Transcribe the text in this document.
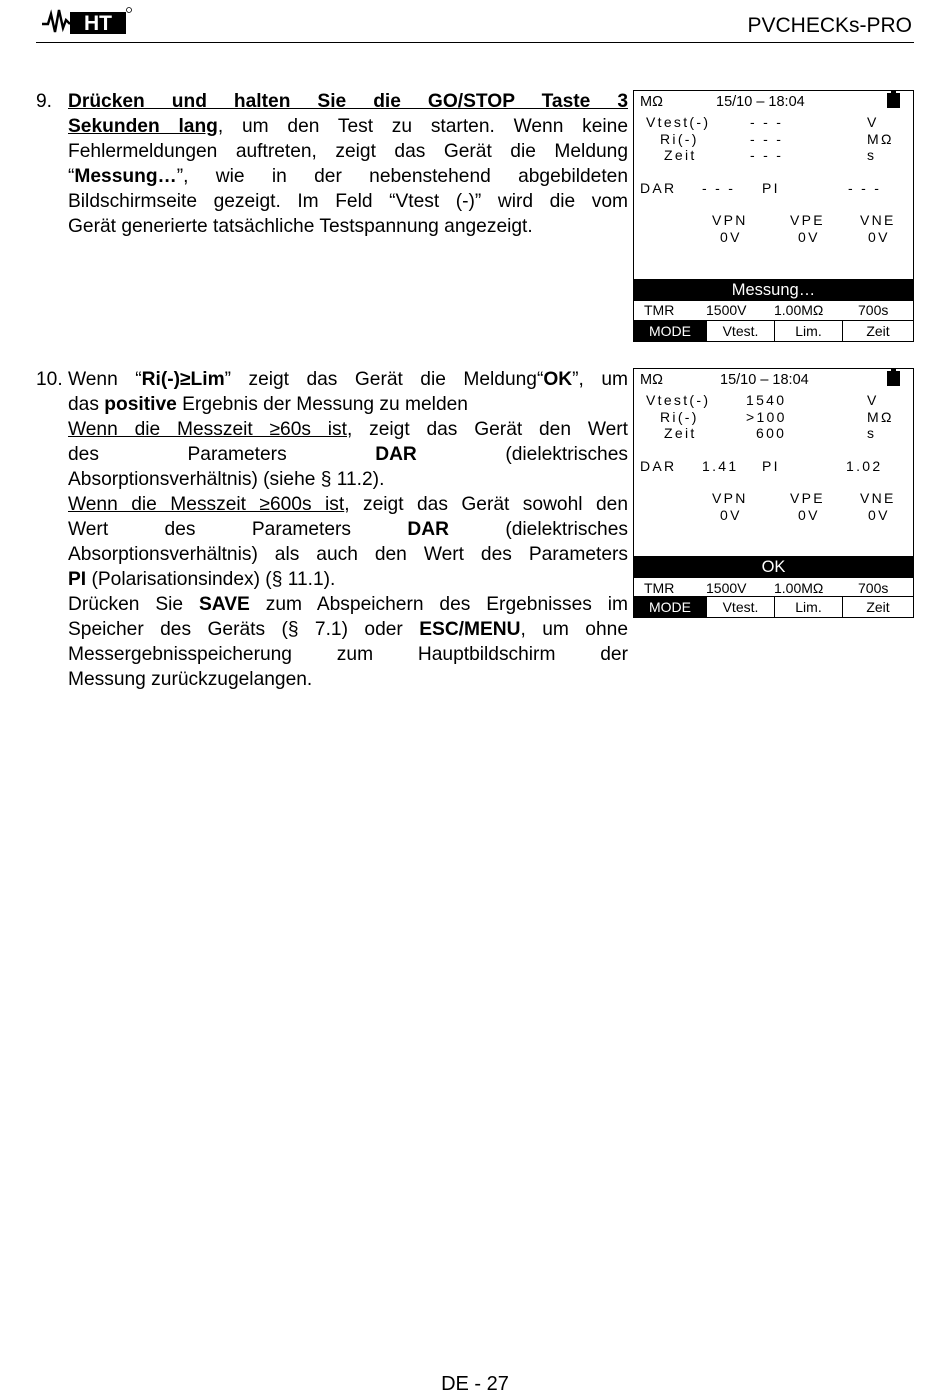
HT	PVCHECKs-PRO
9. Drücken und halten Sie die GO/STOP Taste 3
Sekunden lang, um den Test zu starten. Wenn keine
Fehlermeldungen auftreten, zeigt das Gerät die Meldung
“Messung…”, wie in der nebenstehend abgebildeten
Bildschirmseite gezeigt. Im Feld “Vtest (-)” wird die vom
Gerät generierte tatsächliche Testspannung angezeigt.
MΩ	15/10 – 18:04
Vtest(-)	- - -	V
Ri(-)	- - -	MΩ
Zeit	- - -	s
DAR - - - PI	- - -
VPN	VPE	VNE
0V	0V	0V
Messung…
TMR 1500V 1.00MΩ 700s
MODE	Vtest.	Lim.	Zeit
10. Wenn “Ri(-)≥Lim” zeigt das Gerät die Meldung“OK”, um
das positive Ergebnis der Messung zu melden
Wenn die Messzeit ≥60s ist, zeigt das Gerät den Wert
des Parameters DAR (dielektrisches
Absorptionsverhältnis) (siehe § 11.2).
Wenn die Messzeit ≥600s ist, zeigt das Gerät sowohl den
Wert des Parameters DAR (dielektrisches
Absorptionsverhältnis) als auch den Wert des Parameters
PI (Polarisationsindex) (§ 11.1).
Drücken Sie SAVE zum Abspeichern des Ergebnisses im
Speicher des Geräts (§ 7.1) oder ESC/MENU, um ohne
Messergebnisspeicherung zum Hauptbildschirm der
Messung zurückzugelangen.
MΩ	15/10 – 18:04
Vtest(-)	1540	V
Ri(-)	>100	MΩ
Zeit	600	s
DAR 1.41 PI	1.02
VPN	VPE	VNE
0V	0V	0V
OK
TMR 1500V 1.00MΩ 700s
MODE	Vtest.	Lim.	Zeit
DE - 27
